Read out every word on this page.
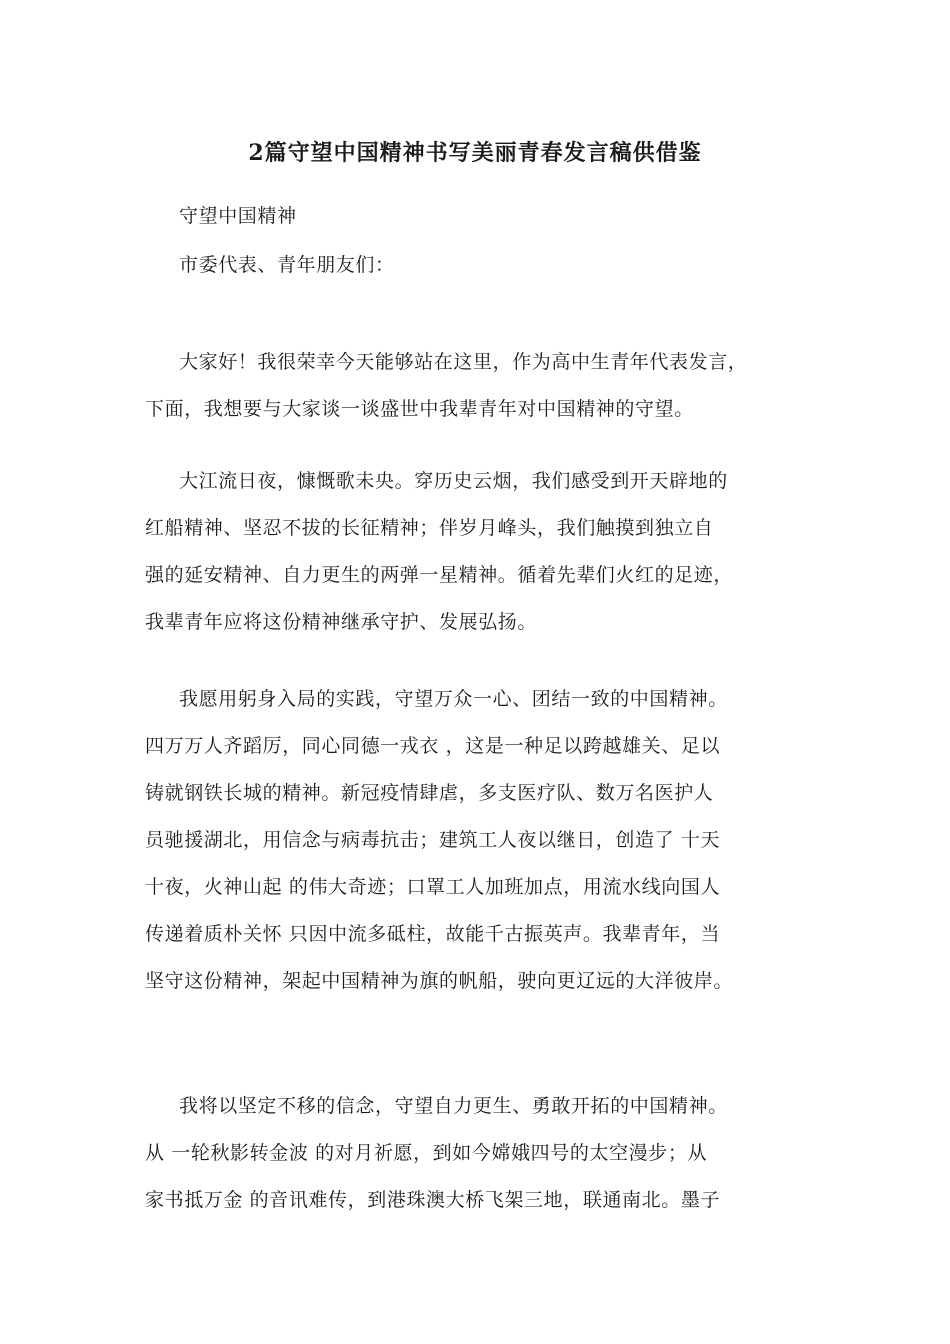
2篇守望中国精神书写美丽青春发言稿供借鉴
守望中国精神
市委代表、青年朋友们：
大家好！我很荣幸今天能够站在这里，作为高中生青年代表发言，
下面，我想要与大家谈一谈盛世中我辈青年对中国精神的守望。
大江流日夜，慷慨歌未央。穿历史云烟，我们感受到开天辟地的
红船精神、坚忍不拔的长征精神；伴岁月峰头，我们触摸到独立自
强的延安精神、自力更生的两弹一星精神。循着先辈们火红的足迹，
我辈青年应将这份精神继承守护、发展弘扬。
我愿用躬身入局的实践，守望万众一心、团结一致的中国精神。
四万万人齐蹈厉，同心同德一戎衣 ，这是一种足以跨越雄关、足以
铸就钢铁长城的精神。新冠疫情肆虐，多支医疗队、数万名医护人
员驰援湖北，用信念与病毒抗击；建筑工人夜以继日，创造了 十天
十夜，火神山起 的伟大奇迹；口罩工人加班加点，用流水线向国人
传递着质朴关怀 只因中流多砥柱，故能千古振英声。我辈青年，当
坚守这份精神，架起中国精神为旗的帆船，驶向更辽远的大洋彼岸。
我将以坚定不移的信念，守望自力更生、勇敢开拓的中国精神。
从 一轮秋影转金波 的对月祈愿，到如今嫦娥四号的太空漫步；从
家书抵万金 的音讯难传，到港珠澳大桥飞架三地，联通南北。墨子
